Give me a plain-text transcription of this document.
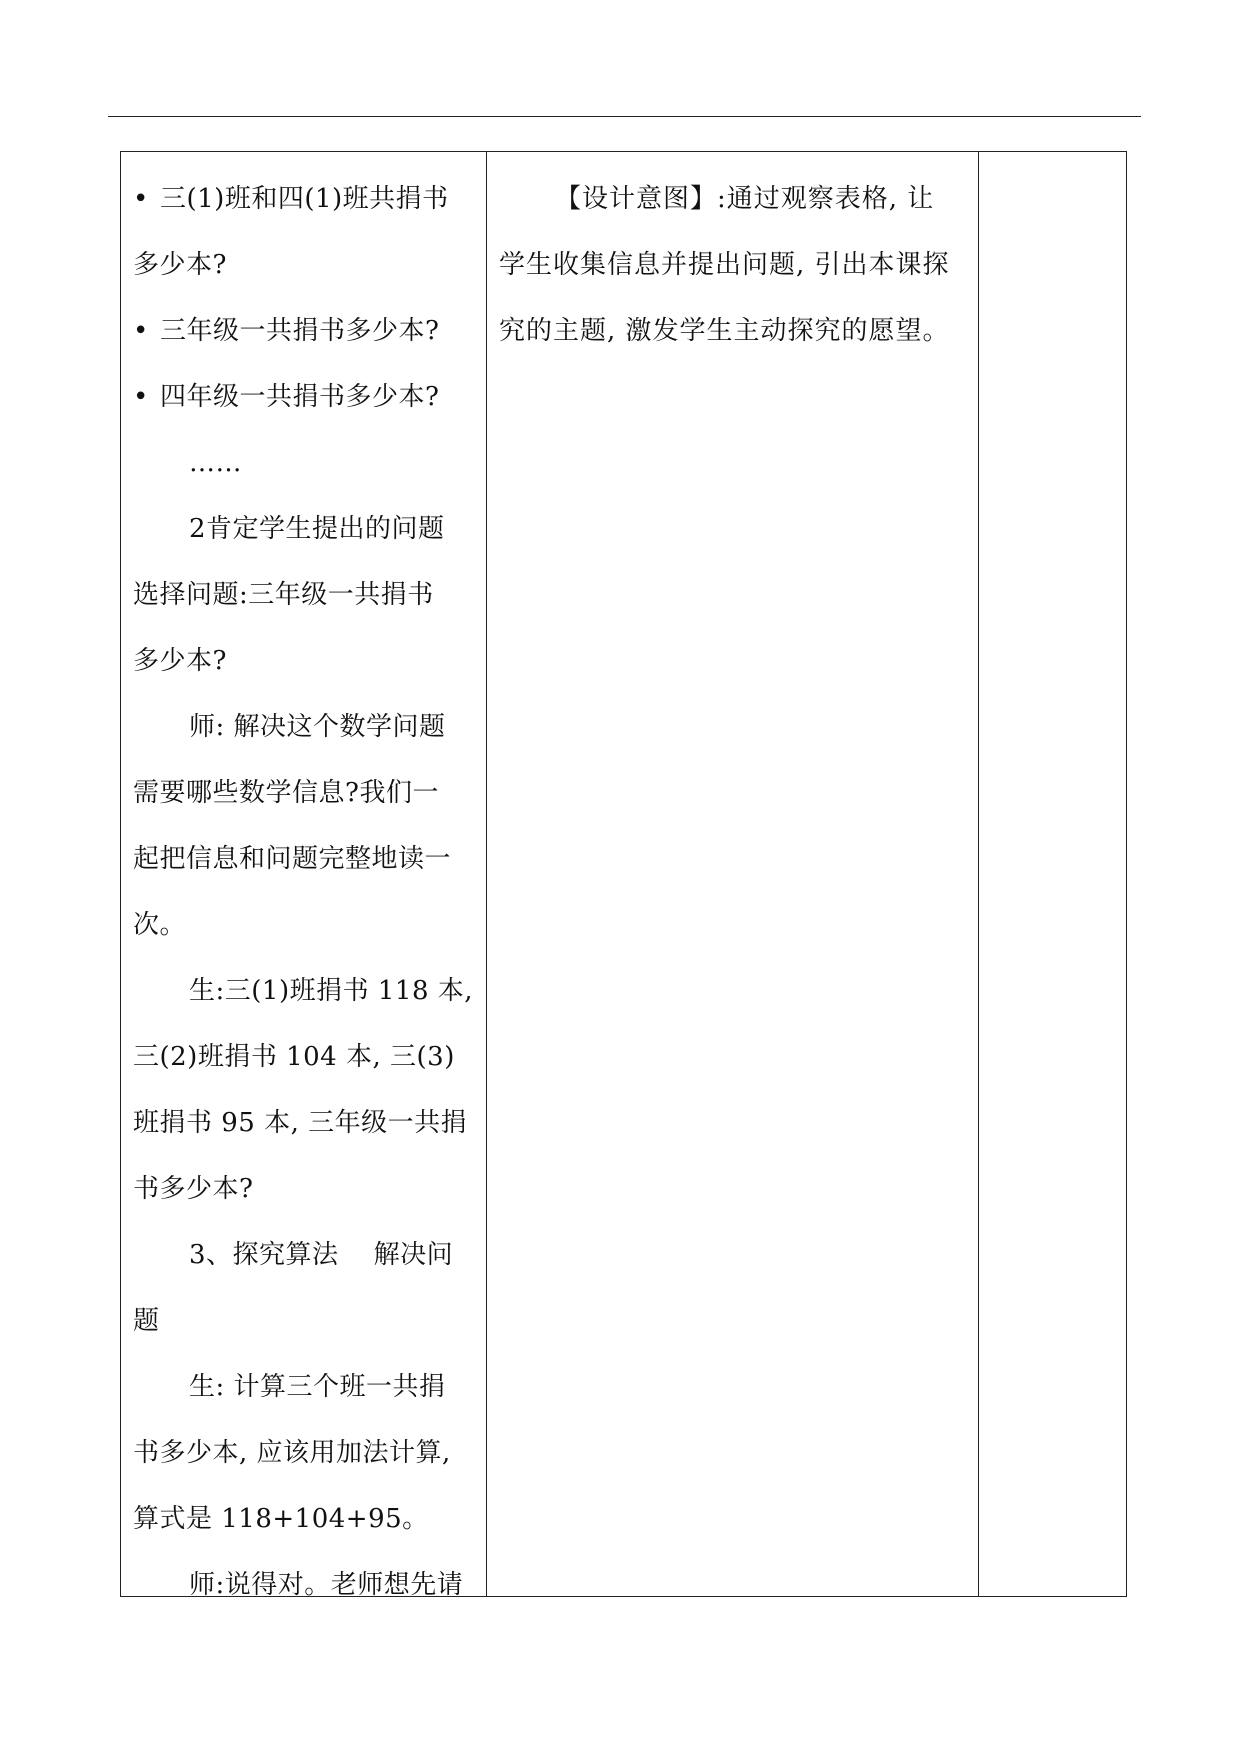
• 三(1)班和四(1)班共捐书
多少本?
• 三年级一共捐书多少本?
• 四年级一共捐书多少本?
……
2肯定学生提出的问题
选择问题:三年级一共捐书
多少本?
师: 解决这个数学问题
需要哪些数学信息?我们一
起把信息和问题完整地读一
次。
生:三(1)班捐书 118 本,
三(2)班捐书 104 本, 三(3)
班捐书 95 本, 三年级一共捐
书多少本?
3、探究算法    解决问
题
生: 计算三个班一共捐
书多少本, 应该用加法计算,
算式是 118+104+95。
师:说得对。老师想先请
【设计意图】:通过观察表格, 让
学生收集信息并提出问题, 引出本课探
究的主题, 激发学生主动探究的愿望。
